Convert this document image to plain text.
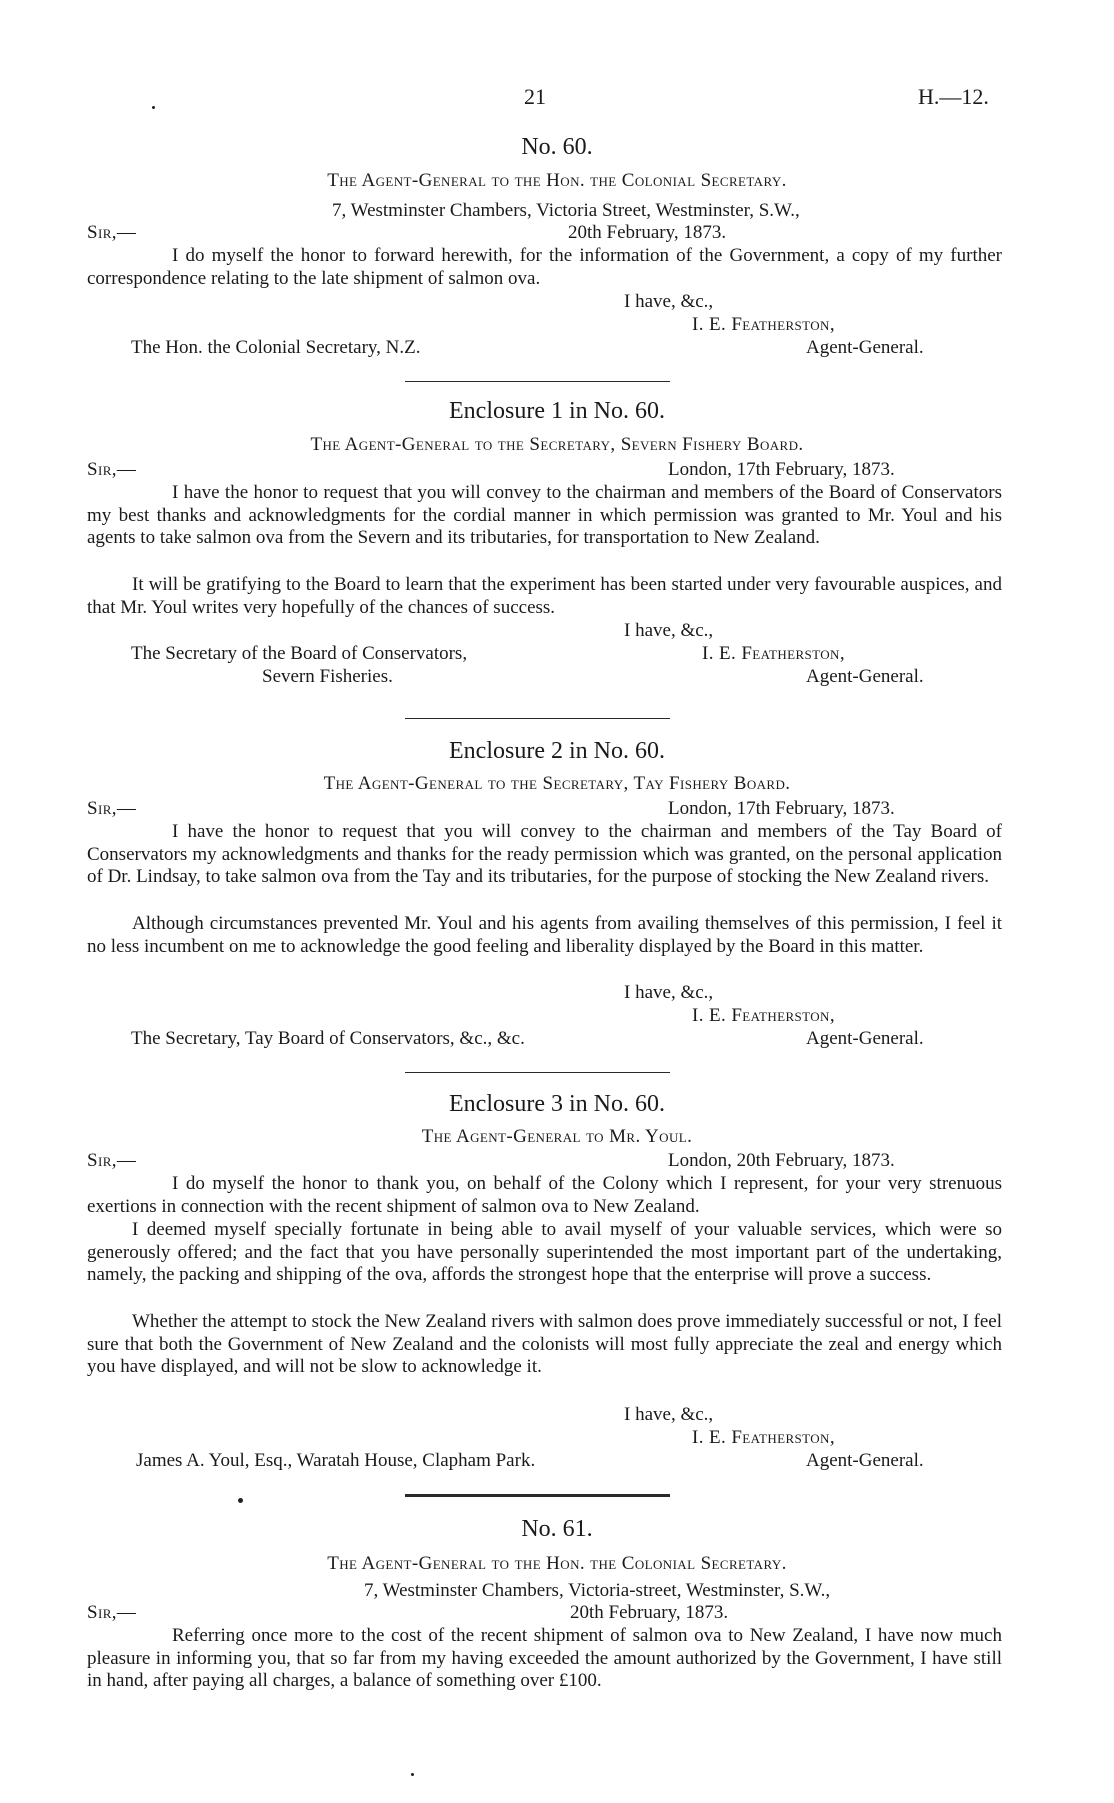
21	H.—12.
No. 60.
The Agent-General to the Hon. the Colonial Secretary.
7, Westminster Chambers, Victoria Street, Westminster, S.W.,
Sir,—	20th February, 1873.
I do myself the honor to forward herewith, for the information of the Government, a copy of my further correspondence relating to the late shipment of salmon ova.
I have, &c.,
I. E. Featherston,
The Hon. the Colonial Secretary, N.Z.	Agent-General.
Enclosure 1 in No. 60.
The Agent-General to the Secretary, Severn Fishery Board.
Sir,—	London, 17th February, 1873.
I have the honor to request that you will convey to the chairman and members of the Board of Conservators my best thanks and acknowledgments for the cordial manner in which permission was granted to Mr. Youl and his agents to take salmon ova from the Severn and its tributaries, for transportation to New Zealand.
It will be gratifying to the Board to learn that the experiment has been started under very favourable auspices, and that Mr. Youl writes very hopefully of the chances of success.
I have, &c.,
The Secretary of the Board of Conservators,	I. E. Featherston,
Severn Fisheries.	Agent-General.
Enclosure 2 in No. 60.
The Agent-General to the Secretary, Tay Fishery Board.
Sir,—	London, 17th February, 1873.
I have the honor to request that you will convey to the chairman and members of the Tay Board of Conservators my acknowledgments and thanks for the ready permission which was granted, on the personal application of Dr. Lindsay, to take salmon ova from the Tay and its tributaries, for the purpose of stocking the New Zealand rivers.
Although circumstances prevented Mr. Youl and his agents from availing themselves of this permission, I feel it no less incumbent on me to acknowledge the good feeling and liberality displayed by the Board in this matter.
I have, &c.,
I. E. Featherston,
The Secretary, Tay Board of Conservators, &c., &c.	Agent-General.
Enclosure 3 in No. 60.
The Agent-General to Mr. Youl.
Sir,—	London, 20th February, 1873.
I do myself the honor to thank you, on behalf of the Colony which I represent, for your very strenuous exertions in connection with the recent shipment of salmon ova to New Zealand.
I deemed myself specially fortunate in being able to avail myself of your valuable services, which were so generously offered; and the fact that you have personally superintended the most important part of the undertaking, namely, the packing and shipping of the ova, affords the strongest hope that the enterprise will prove a success.
Whether the attempt to stock the New Zealand rivers with salmon does prove immediately successful or not, I feel sure that both the Government of New Zealand and the colonists will most fully appreciate the zeal and energy which you have displayed, and will not be slow to acknowledge it.
I have, &c.,
I. E. Featherston,
James A. Youl, Esq., Waratah House, Clapham Park.	Agent-General.
No. 61.
The Agent-General to the Hon. the Colonial Secretary.
7, Westminster Chambers, Victoria-street, Westminster, S.W.,
Sir,—	20th February, 1873.
Referring once more to the cost of the recent shipment of salmon ova to New Zealand, I have now much pleasure in informing you, that so far from my having exceeded the amount authorized by the Government, I have still in hand, after paying all charges, a balance of something over £100.
